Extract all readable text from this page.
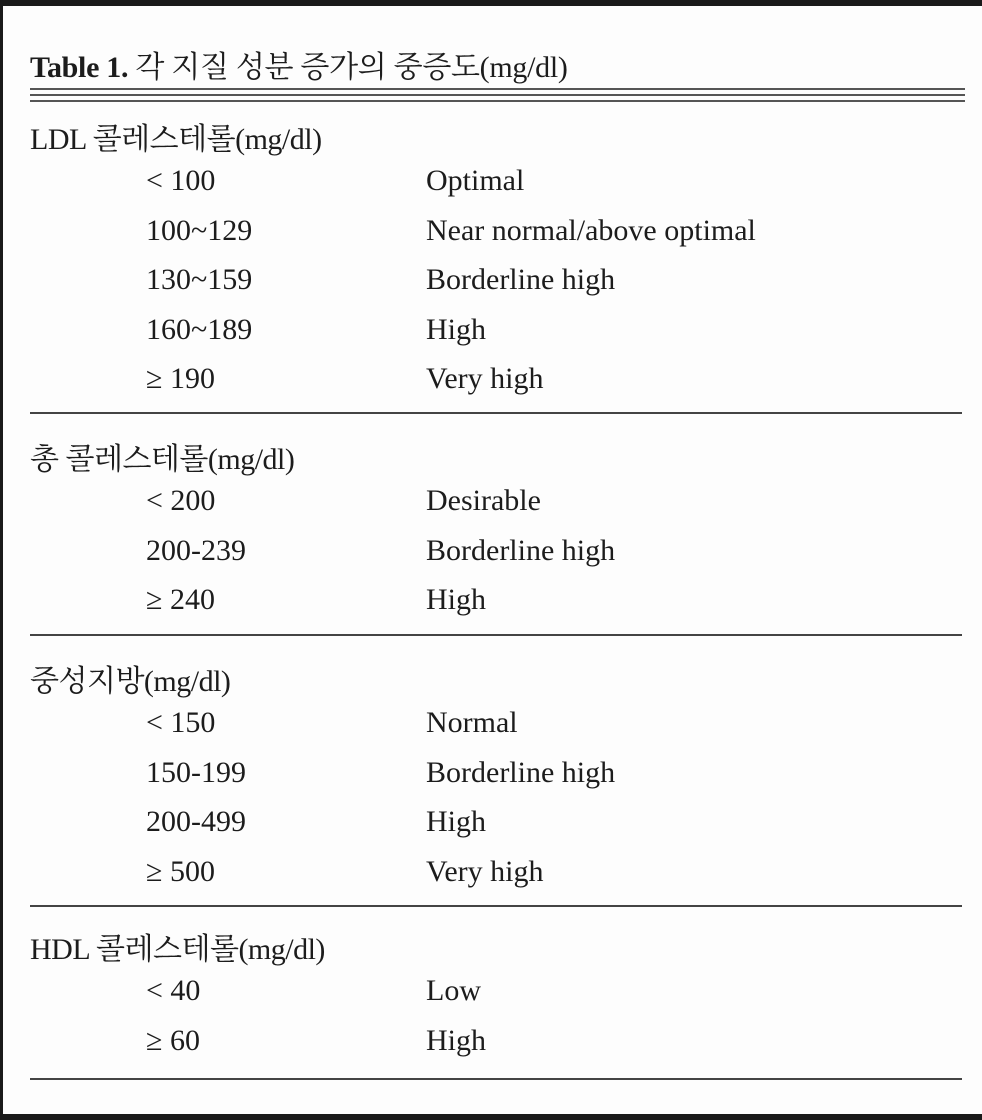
Table 1. 각 지질 성분 증가의 중증도(mg/dl)
LDL 콜레스테롤(mg/dl)
< 100	Optimal
100~129	Near normal/above optimal
130~159	Borderline high
160~189	High
≥ 190	Very high
총 콜레스테롤(mg/dl)
< 200	Desirable
200-239	Borderline high
≥ 240	High
중성지방(mg/dl)
< 150	Normal
150-199	Borderline high
200-499	High
≥ 500	Very high
HDL 콜레스테롤(mg/dl)
< 40	Low
≥ 60	High
